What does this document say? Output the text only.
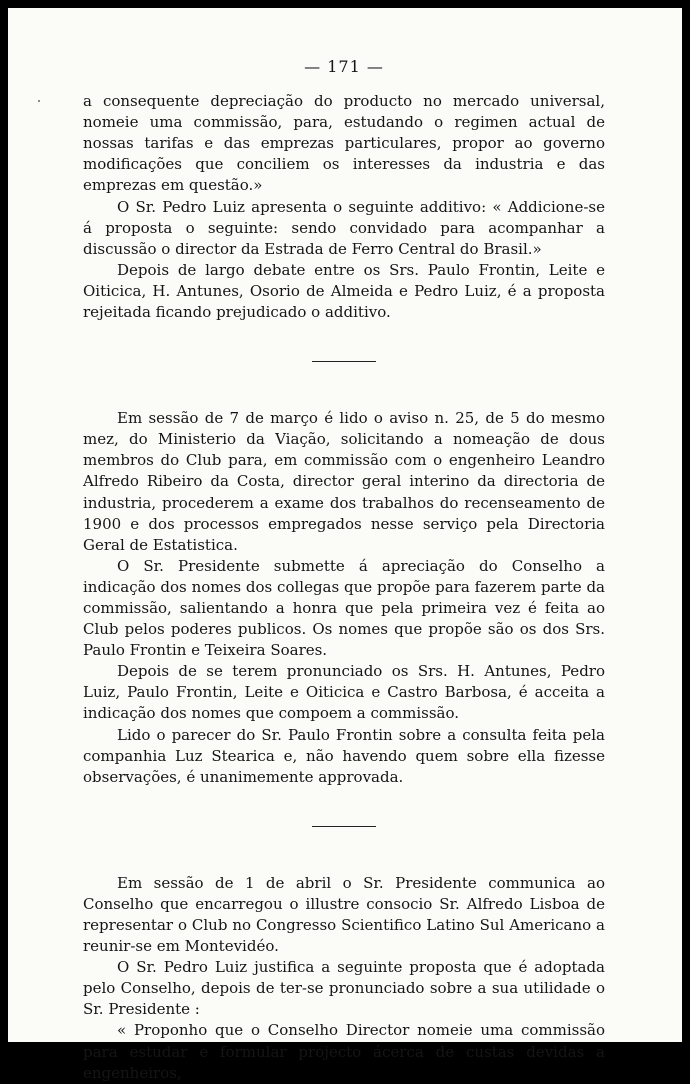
— 171 —

a consequente depreciação do producto no mercado universal, nomeie uma commissão, para, estudando o regimen actual de nossas tarifas e das emprezas particulares, propor ao governo modificações que conciliem os interesses da industria e das emprezas em questão.»

O Sr. Pedro Luiz apresenta o seguinte additivo: « Addicione-se á proposta o seguinte: sendo convidado para acompanhar a discussão o director da Estrada de Ferro Central do Brasil.»

Depois de largo debate entre os Srs. Paulo Frontin, Leite e Oiticica, H. Antunes, Osorio de Almeida e Pedro Luiz, é a proposta rejeitada ficando prejudicado o additivo.

Em sessão de 7 de março é lido o aviso n. 25, de 5 do mesmo mez, do Ministerio da Viação, solicitando a nomeação de dous membros do Club para, em commissão com o engenheiro Leandro Alfredo Ribeiro da Costa, director geral interino da directoria de industria, procederem a exame dos trabalhos do recenseamento de 1900 e dos processos empregados nesse serviço pela Directoria Geral de Estatistica.

O Sr. Presidente submette á apreciação do Conselho a indicação dos nomes dos collegas que propõe para fazerem parte da commissão, salientando a honra que pela primeira vez é feita ao Club pelos poderes publicos. Os nomes que propõe são os dos Srs. Paulo Frontin e Teixeira Soares.

Depois de se terem pronunciado os Srs. H. Antunes, Pedro Luiz, Paulo Frontin, Leite e Oiticica e Castro Barbosa, é acceita a indicação dos nomes que compoem a commissão.

Lido o parecer do Sr. Paulo Frontin sobre a consulta feita pela companhia Luz Stearica e, não havendo quem sobre ella fizesse observações, é unanimemente approvada.

Em sessão de 1 de abril o Sr. Presidente communica ao Conselho que encarregou o illustre consocio Sr. Alfredo Lisboa de representar o Club no Congresso Scientifico Latino Sul Americano a reunir-se em Montevidéo.

O Sr. Pedro Luiz justifica a seguinte proposta que é adoptada pelo Conselho, depois de ter-se pronunciado sobre a sua utilidade o Sr. Presidente :

« Proponho que o Conselho Director nomeie uma commissão para estudar e formular projecto ácerca de custas devidas a engenheiros,
